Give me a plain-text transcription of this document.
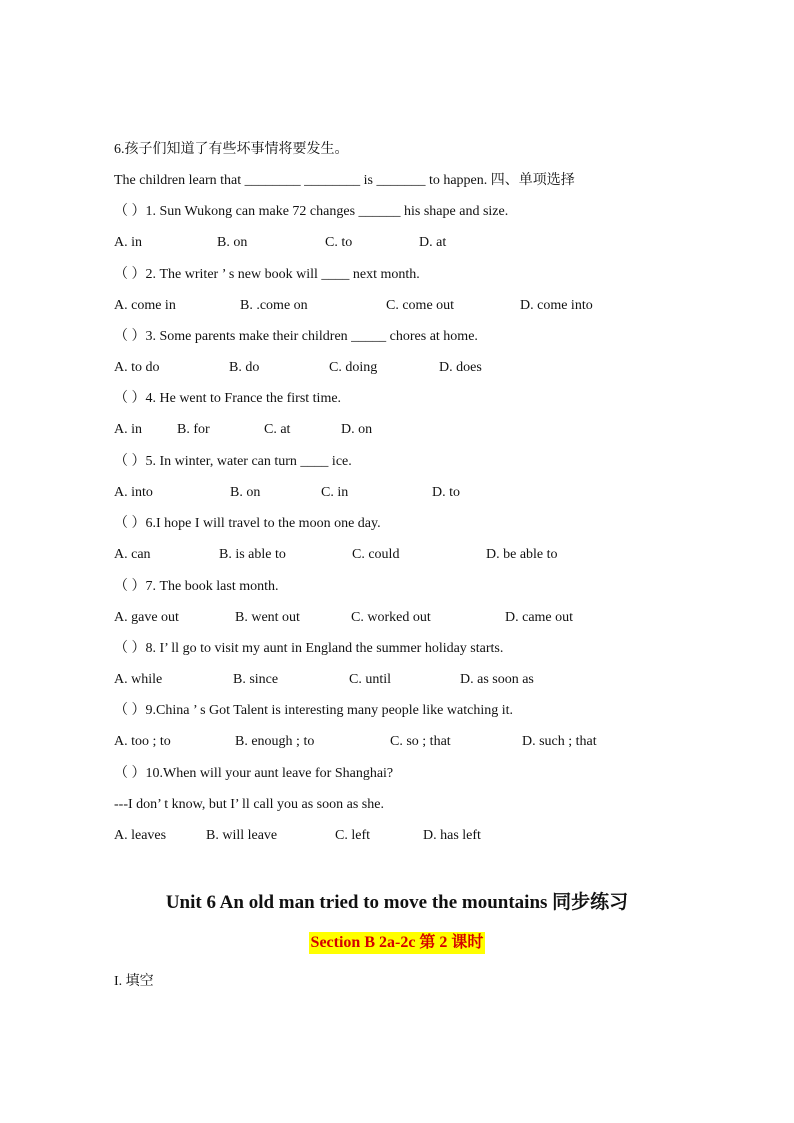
6.孩子们知道了有些坏事情将要发生。
The children learn that ________ ________ is _______ to happen. 四、单项选择
（ ）1. Sun Wukong can make 72 changes ______ his shape and size.
A. in	B. on	C. to	D. at
（ ）2. The writer ’ s new book will ____ next month.
A. come in	B. .come on	C. come out	D. come into
（ ）3. Some parents make their children _____ chores at home.
A. to do	B. do	C. doing	D. does
（ ）4. He went to France the first time.
A. in	B. for	C. at	D. on
（ ）5. In winter, water can turn ____ ice.
A. into	B. on	C. in	D. to
（ ）6.I hope I will travel to the moon one day.
A. can	B. is able to	C. could	D. be able to
（ ）7. The book last month.
A. gave out	B. went out	C. worked out	D. came out
（ ）8. I’ ll go to visit my aunt in England the summer holiday starts.
A. while	B. since	C. until	D. as soon as
（ ）9.China ’ s Got Talent is interesting many people like watching it.
A. too ; to	B. enough ; to	C. so ; that	D. such ; that
（ ）10.When will your aunt leave for Shanghai?
---I don’ t know, but I’ ll call you as soon as she.
A. leaves	B. will leave	C. left	D. has left
Unit 6 An old man tried to move the mountains 同步练习
Section B 2a-2c 第 2 课时
I. 填空
